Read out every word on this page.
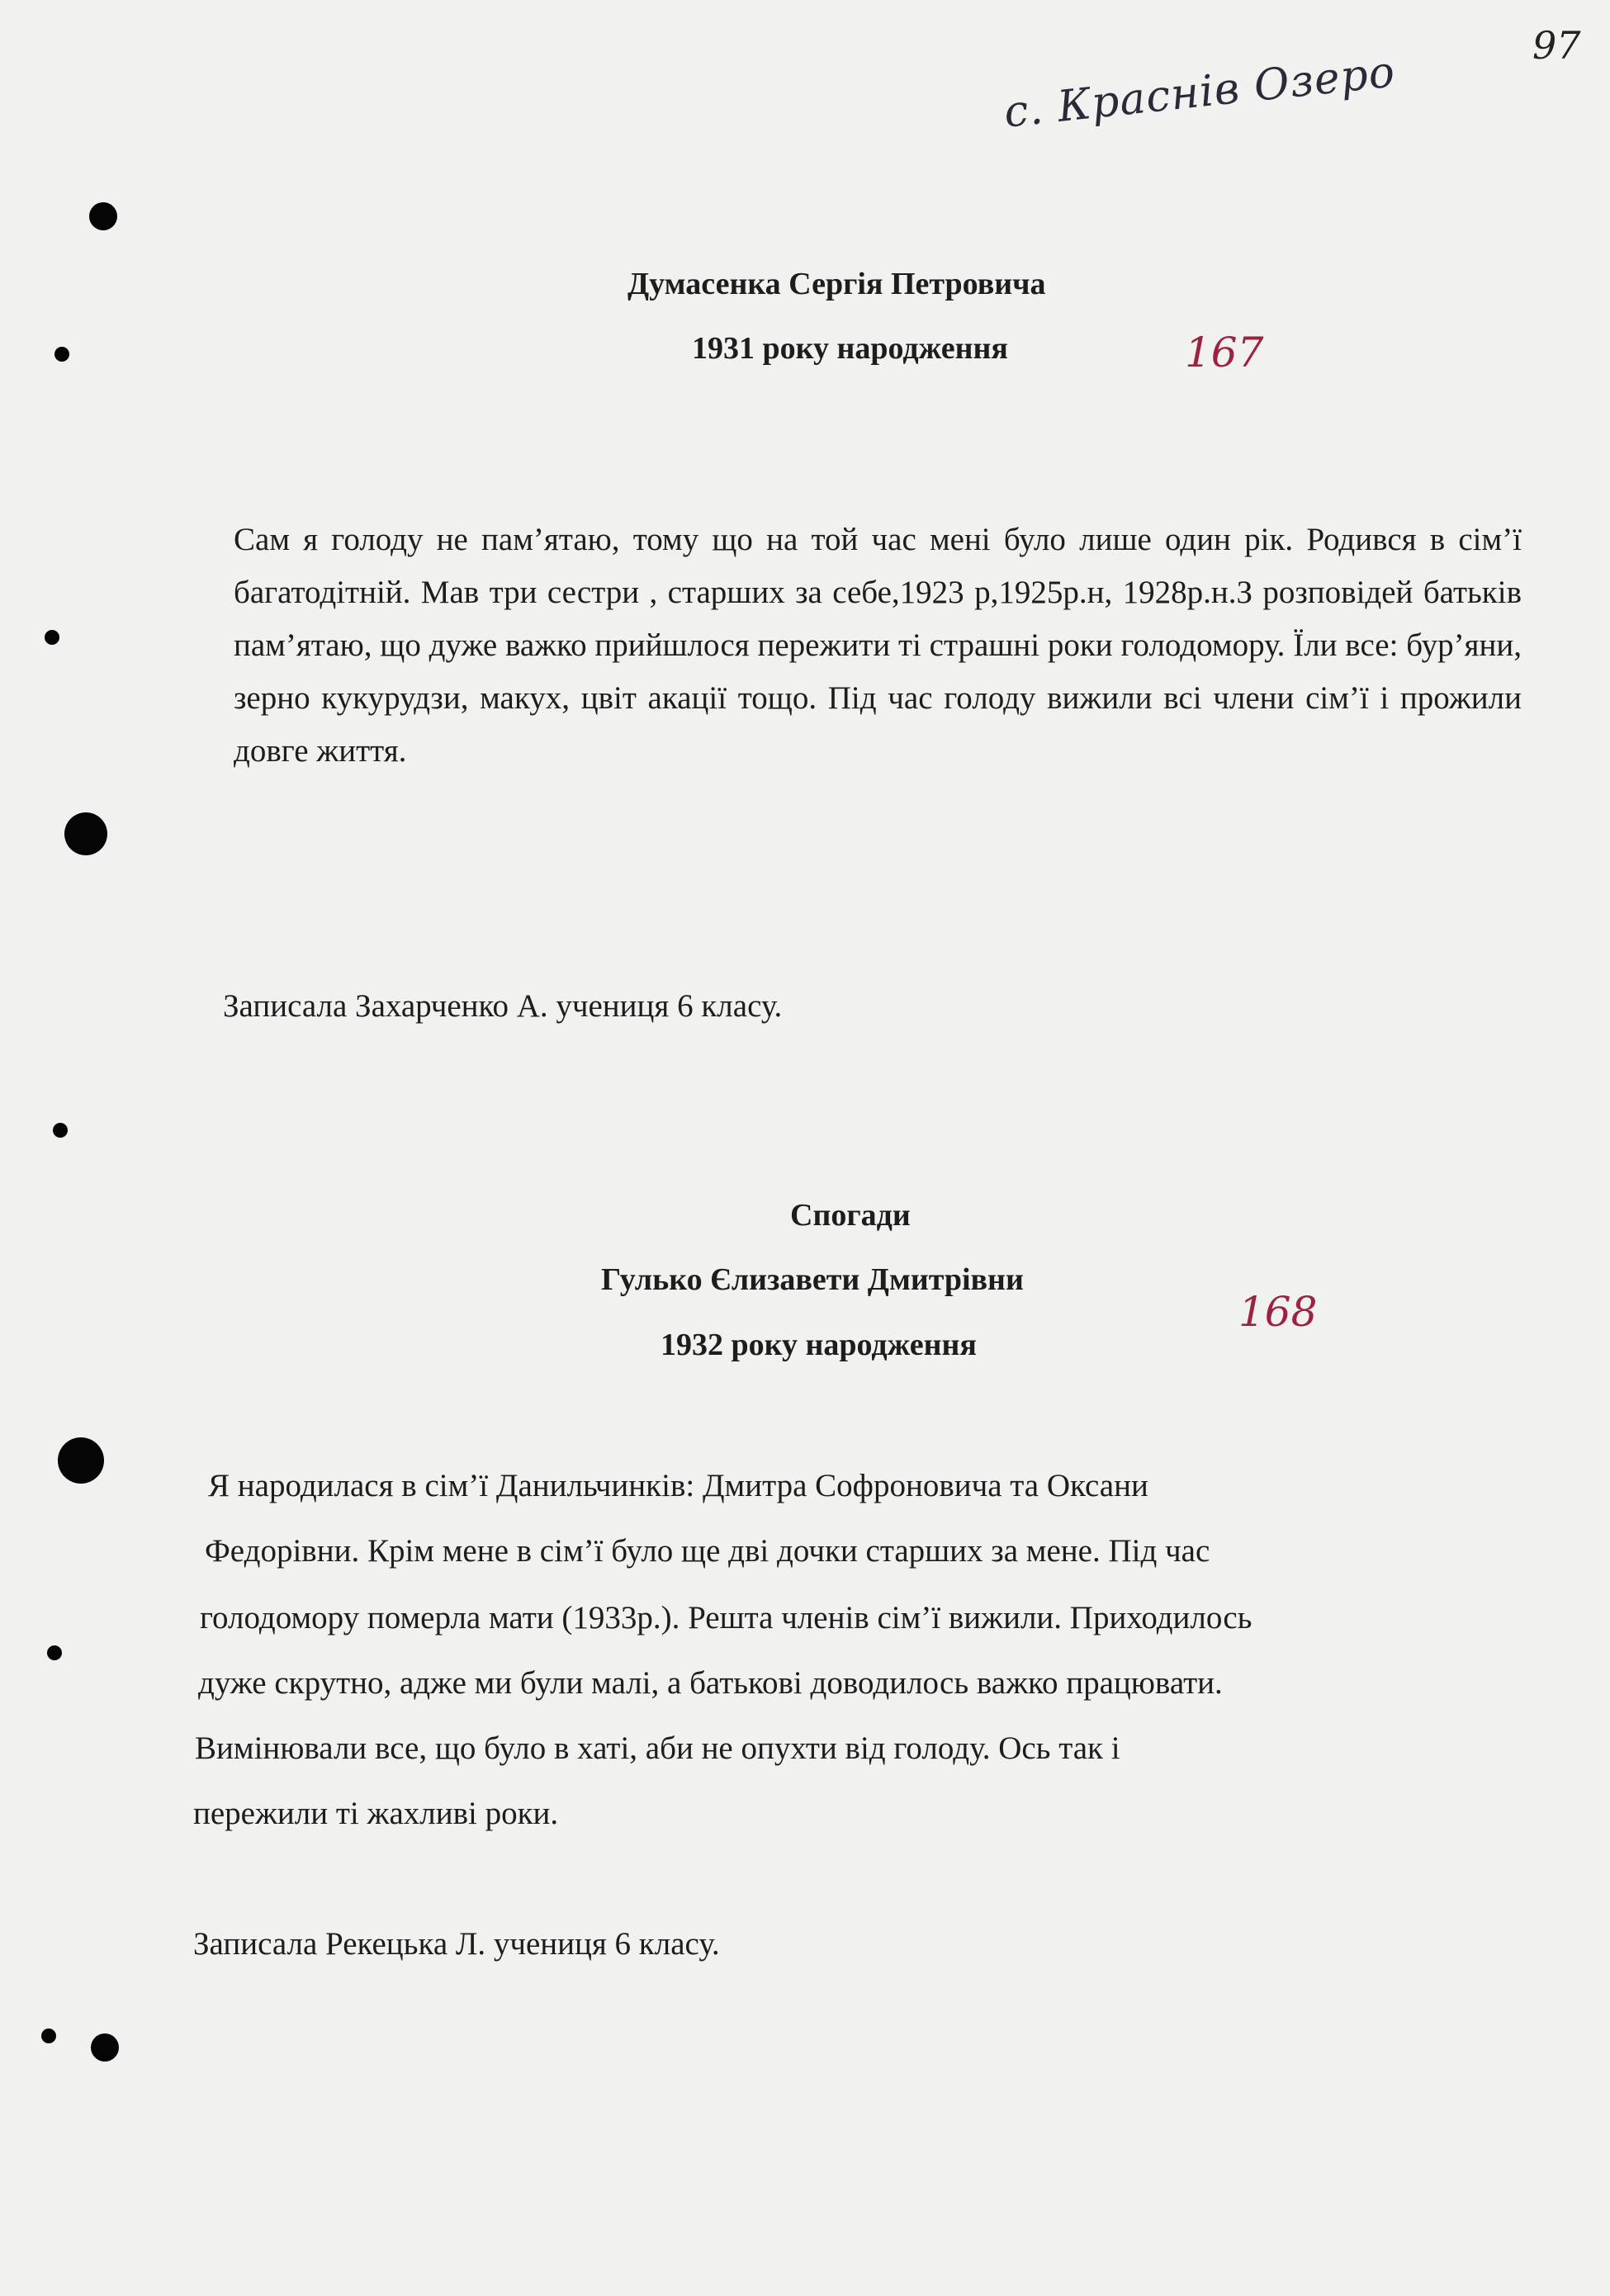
97
с. Краснів Озеро
Думасенка Сергія Петровича
1931 року народження	167
Сам я голоду не пам’ятаю, тому що на той час мені було лише один рік. Родився в сім’ї багатодітній. Мав три сестри , старших за себе,1923 р,1925р.н, 1928р.н.З розповідей батьків пам’ятаю, що дуже важко прийшлося пережити ті страшні роки голодомору. Їли все: бур’яни, зерно кукурудзи, макух, цвіт акації тощо. Під час голоду вижили всі члени сім’ї і прожили довге життя.
Записала Захарченко А. учениця 6 класу.
Спогади
Гулько Єлизавети Дмитрівни
1932 року народження
168
Я народилася в сім’ї Данильчинків: Дмитра Софроновича та Оксани
Федорівни. Крім мене в сім’ї було ще дві дочки старших за мене. Під час
голодомору померла мати (1933р.). Решта членів сім’ї вижили. Приходилось
дуже скрутно, адже ми були малі, а батькові доводилось важко працювати.
Вимінювали все, що було в хаті, аби не опухти від голоду. Ось так і
пережили ті жахливі роки.
Записала Рекецька Л. учениця 6 класу.
